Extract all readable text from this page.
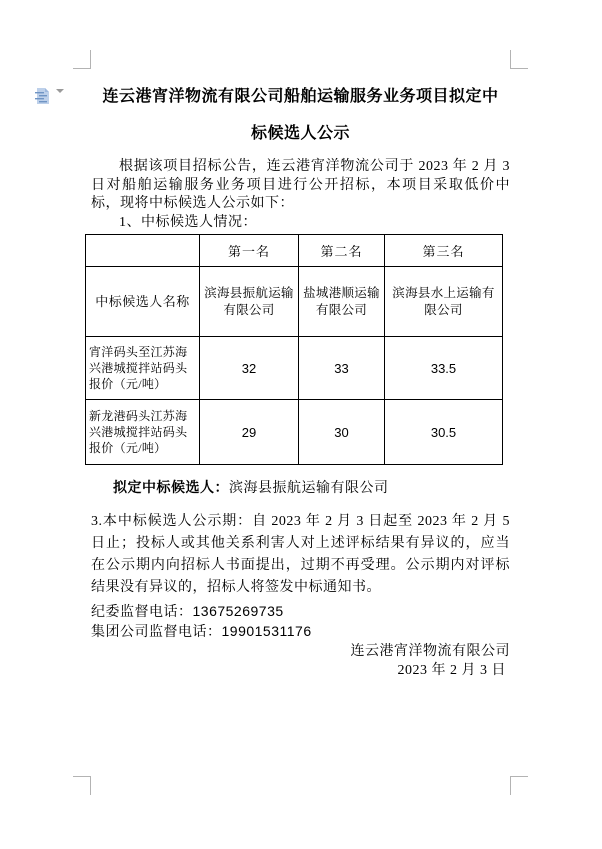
连云港宵洋物流有限公司船舶运输服务业务项目拟定中标候选人公示

根据该项目招标公告，连云港宵洋物流公司于 2023 年 2 月 3 日对船舶运输服务业务项目进行公开招标，本项目采取低价中标，现将中标候选人公示如下：

1、中标候选人情况：

	第一名	第二名	第三名
中标候选人名称	滨海县振航运输有限公司	盐城港顺运输有限公司	滨海县水上运输有限公司
宵洋码头至江苏海兴港城搅拌站码头报价（元/吨）	32	33	33.5
新龙港码头江苏海兴港城搅拌站码头报价（元/吨）	29	30	30.5

拟定中标候选人：滨海县振航运输有限公司

3.本中标候选人公示期：自 2023 年 2 月 3 日起至 2023 年 2 月 5 日止；投标人或其他关系利害人对上述评标结果有异议的，应当在公示期内向招标人书面提出，过期不再受理。公示期内对评标结果没有异议的，招标人将签发中标通知书。

纪委监督电话：13675269735

集团公司监督电话：19901531176

连云港宵洋物流有限公司

2023 年 2 月 3 日
